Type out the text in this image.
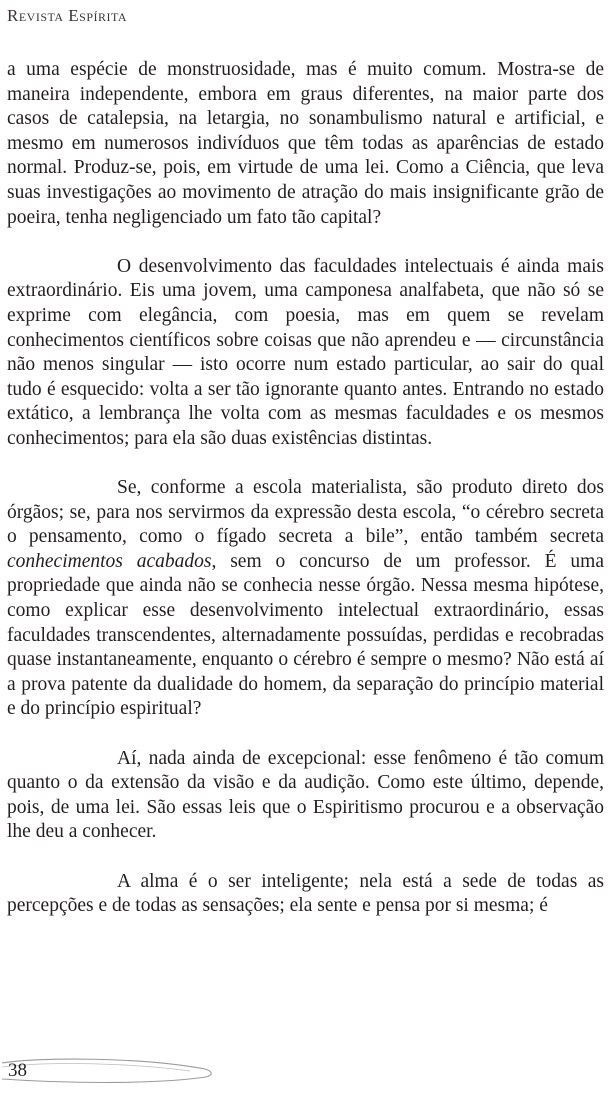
Revista Espírita

a uma espécie de monstruosidade, mas é muito comum. Mostra-se de maneira independente, embora em graus diferentes, na maior parte dos casos de catalepsia, na letargia, no sonambulismo natural e artificial, e mesmo em numerosos indivíduos que têm todas as aparências de estado normal. Produz-se, pois, em virtude de uma lei. Como a Ciência, que leva suas investigações ao movimento de atração do mais insignificante grão de poeira, tenha negligenciado um fato tão capital?

O desenvolvimento das faculdades intelectuais é ainda mais extraordinário. Eis uma jovem, uma camponesa analfabeta, que não só se exprime com elegância, com poesia, mas em quem se revelam conhecimentos científicos sobre coisas que não aprendeu e — circunstância não menos singular — isto ocorre num estado particular, ao sair do qual tudo é esquecido: volta a ser tão ignorante quanto antes. Entrando no estado extático, a lembrança lhe volta com as mesmas faculdades e os mesmos conhecimentos; para ela são duas existências distintas.

Se, conforme a escola materialista, são produto direto dos órgãos; se, para nos servirmos da expressão desta escola, “o cérebro secreta o pensamento, como o fígado secreta a bile”, então também secreta conhecimentos acabados, sem o concurso de um professor. É uma propriedade que ainda não se conhecia nesse órgão. Nessa mesma hipótese, como explicar esse desenvolvimento intelectual extraordinário, essas faculdades transcendentes, alternadamente possuídas, perdidas e recobradas quase instantaneamente, enquanto o cérebro é sempre o mesmo? Não está aí a prova patente da dualidade do homem, da separação do princípio material e do princípio espiritual?

Aí, nada ainda de excepcional: esse fenômeno é tão comum quanto o da extensão da visão e da audição. Como este último, depende, pois, de uma lei. São essas leis que o Espiritismo procurou e a observação lhe deu a conhecer.

A alma é o ser inteligente; nela está a sede de todas as percepções e de todas as sensações; ela sente e pensa por si mesma; é

38
